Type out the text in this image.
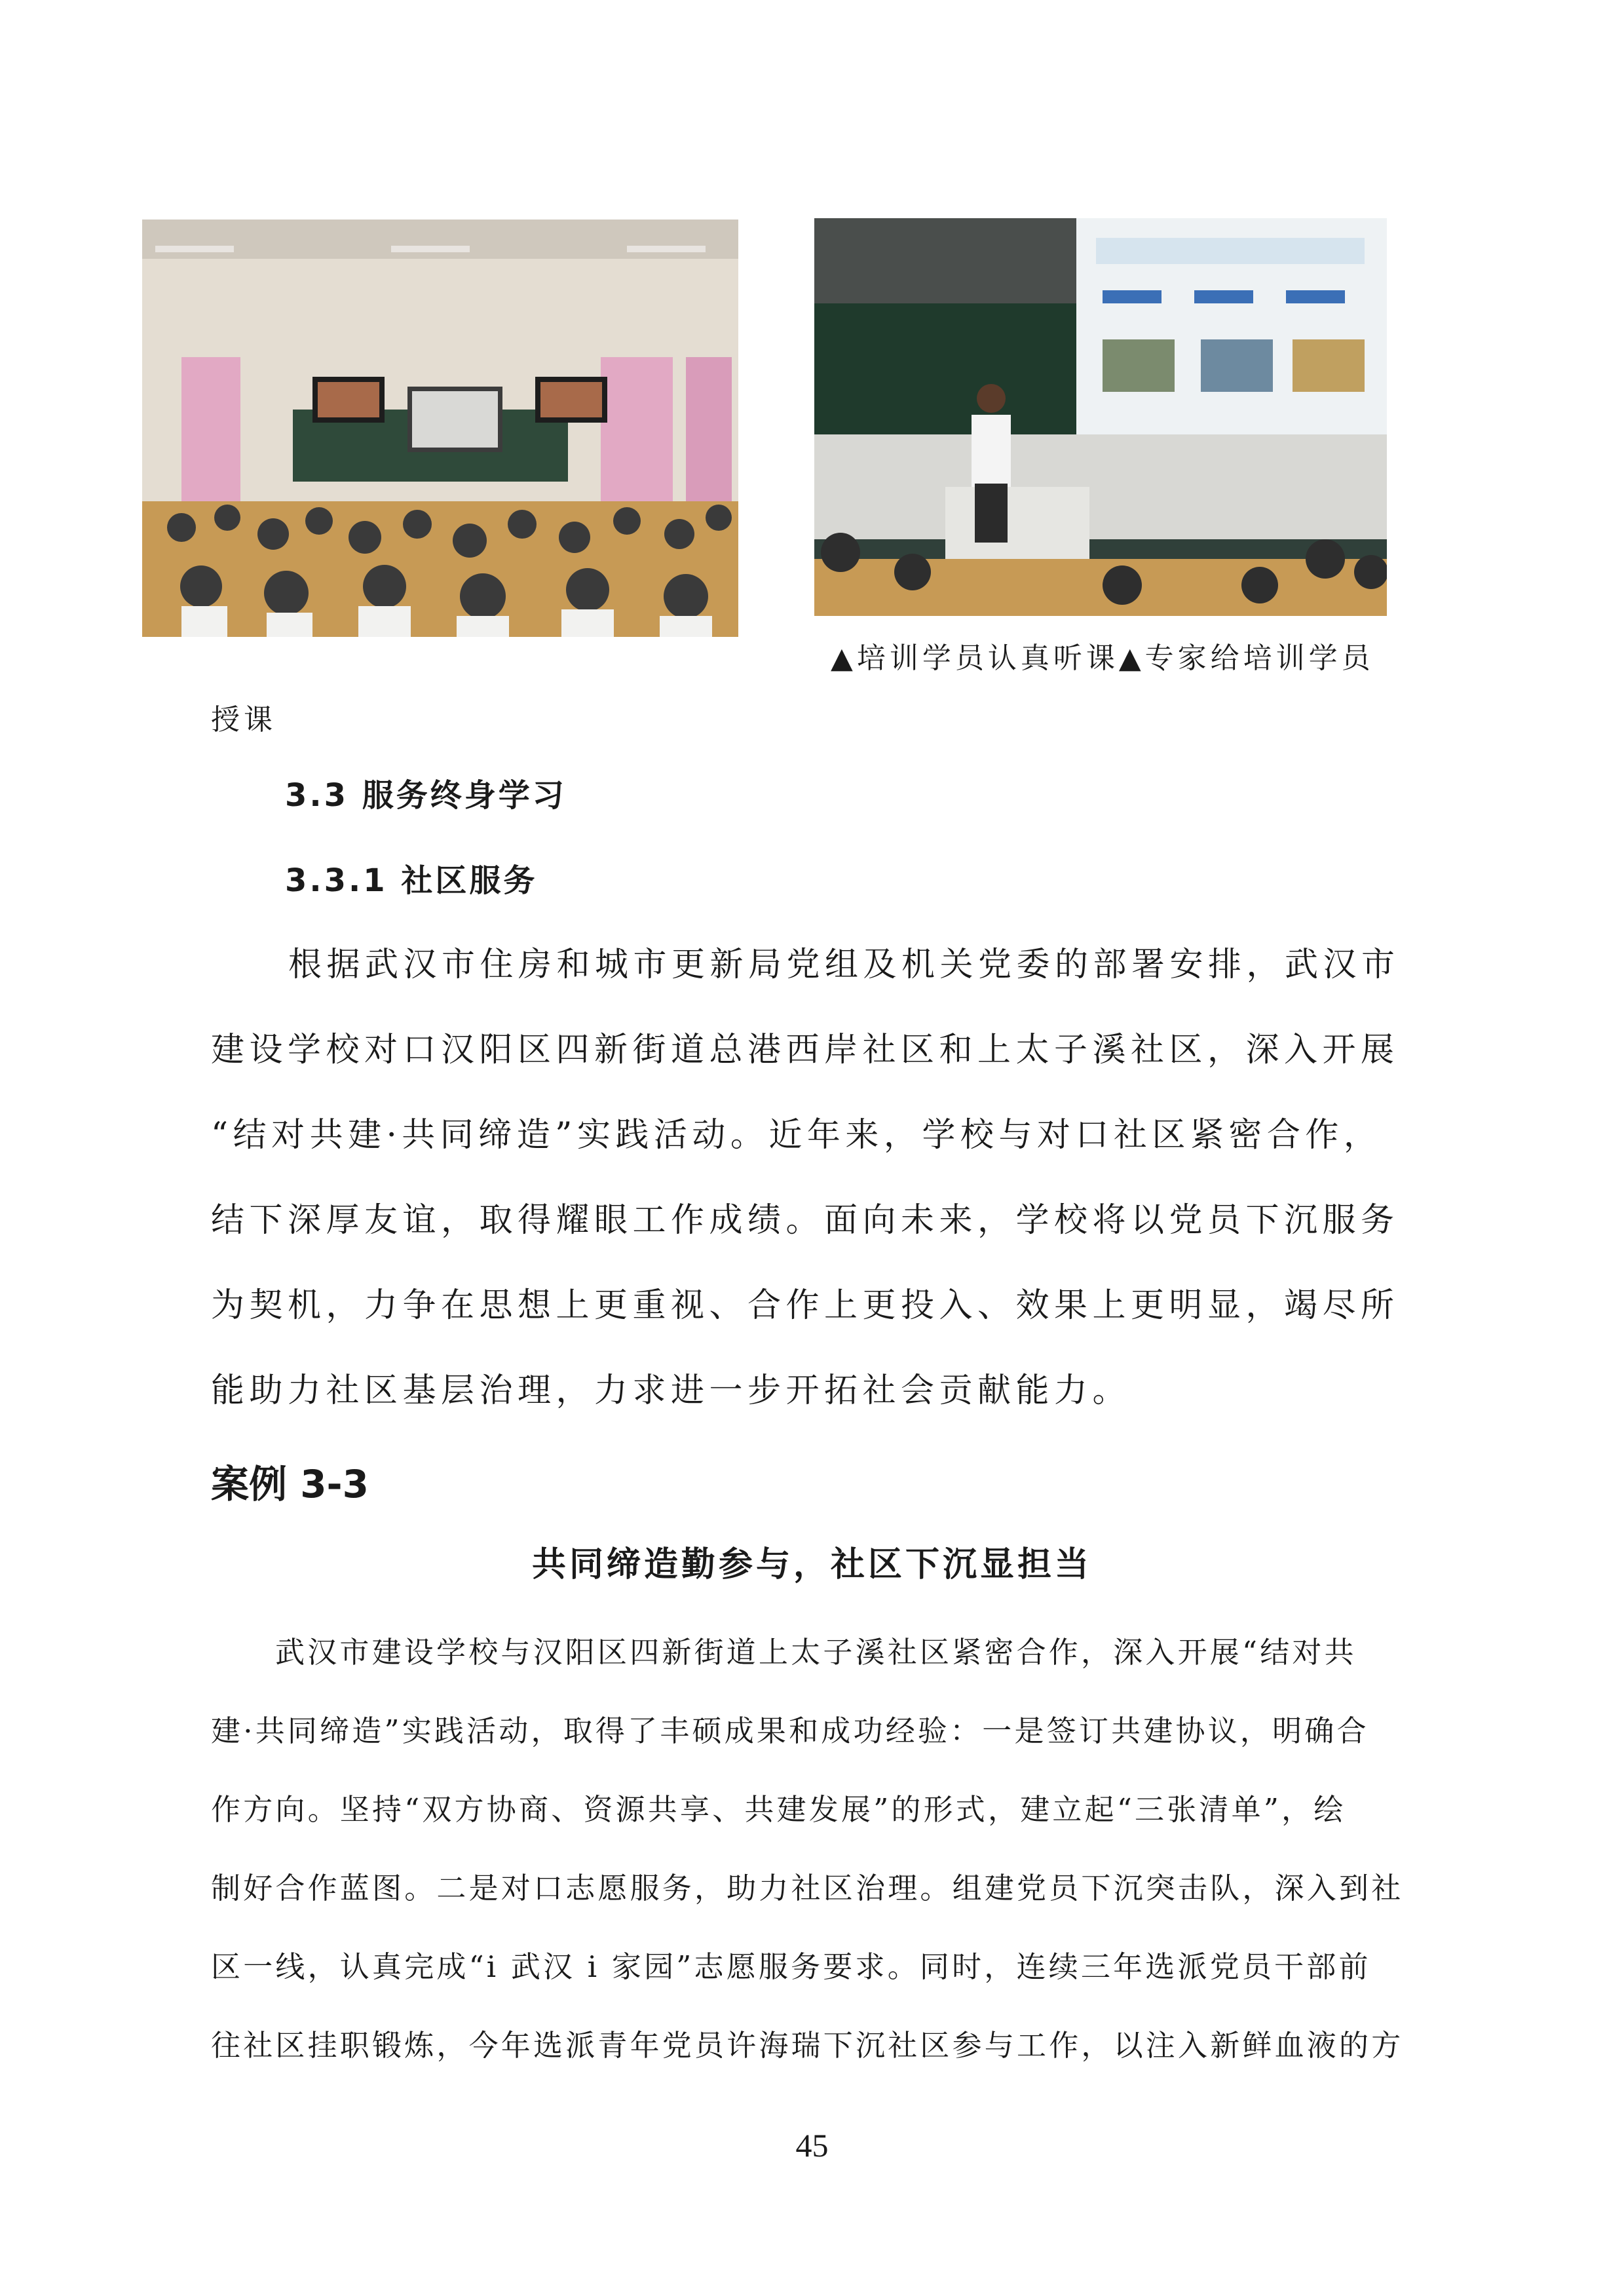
▲培训学员认真听课▲专家给培训学员
授课
3.3 服务终身学习
3.3.1 社区服务
根据武汉市住房和城市更新局党组及机关党委的部署安排，武汉市
建设学校对口汉阳区四新街道总港西岸社区和上太子溪社区，深入开展
“结对共建·共同缔造”实践活动。近年来，学校与对口社区紧密合作，
结下深厚友谊，取得耀眼工作成绩。面向未来，学校将以党员下沉服务
为契机，力争在思想上更重视、合作上更投入、效果上更明显，竭尽所
能助力社区基层治理，力求进一步开拓社会贡献能力。
案例 3-3
共同缔造勤参与，社区下沉显担当
武汉市建设学校与汉阳区四新街道上太子溪社区紧密合作，深入开展“结对共
建·共同缔造”实践活动，取得了丰硕成果和成功经验：一是签订共建协议，明确合
作方向。坚持“双方协商、资源共享、共建发展”的形式，建立起“三张清单”，绘
制好合作蓝图。二是对口志愿服务，助力社区治理。组建党员下沉突击队，深入到社
区一线，认真完成“i 武汉 i 家园”志愿服务要求。同时，连续三年选派党员干部前
往社区挂职锻炼，今年选派青年党员许海瑞下沉社区参与工作，以注入新鲜血液的方
45
